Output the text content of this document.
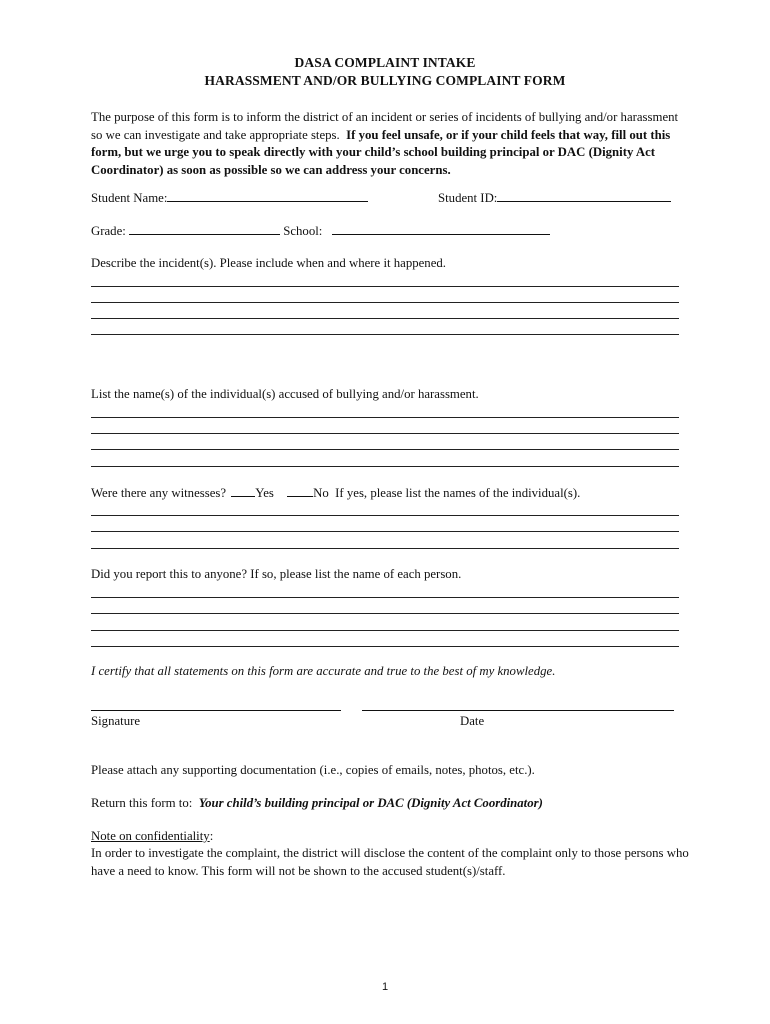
DASA COMPLAINT INTAKE
HARASSMENT AND/OR BULLYING COMPLAINT FORM
The purpose of this form is to inform the district of an incident or series of incidents of bullying and/or harassment so we can investigate and take appropriate steps. If you feel unsafe, or if your child feels that way, fill out this form, but we urge you to speak directly with your child’s school building principal or DAC (Dignity Act Coordinator) as soon as possible so we can address your concerns.
Student Name:	Student ID:
Grade:	School:
Describe the incident(s). Please include when and where it happened.
List the name(s) of the individual(s) accused of bullying and/or harassment.
Were there any witnesses? Yes	No If yes, please list the names of the individual(s).
Did you report this to anyone? If so, please list the name of each person.
I certify that all statements on this form are accurate and true to the best of my knowledge.
Signature	Date
Please attach any supporting documentation (i.e., copies of emails, notes, photos, etc.).
Return this form to: Your child’s building principal or DAC (Dignity Act Coordinator)
Note on confidentiality:
In order to investigate the complaint, the district will disclose the content of the complaint only to those persons who have a need to know. This form will not be shown to the accused student(s)/staff.
1
